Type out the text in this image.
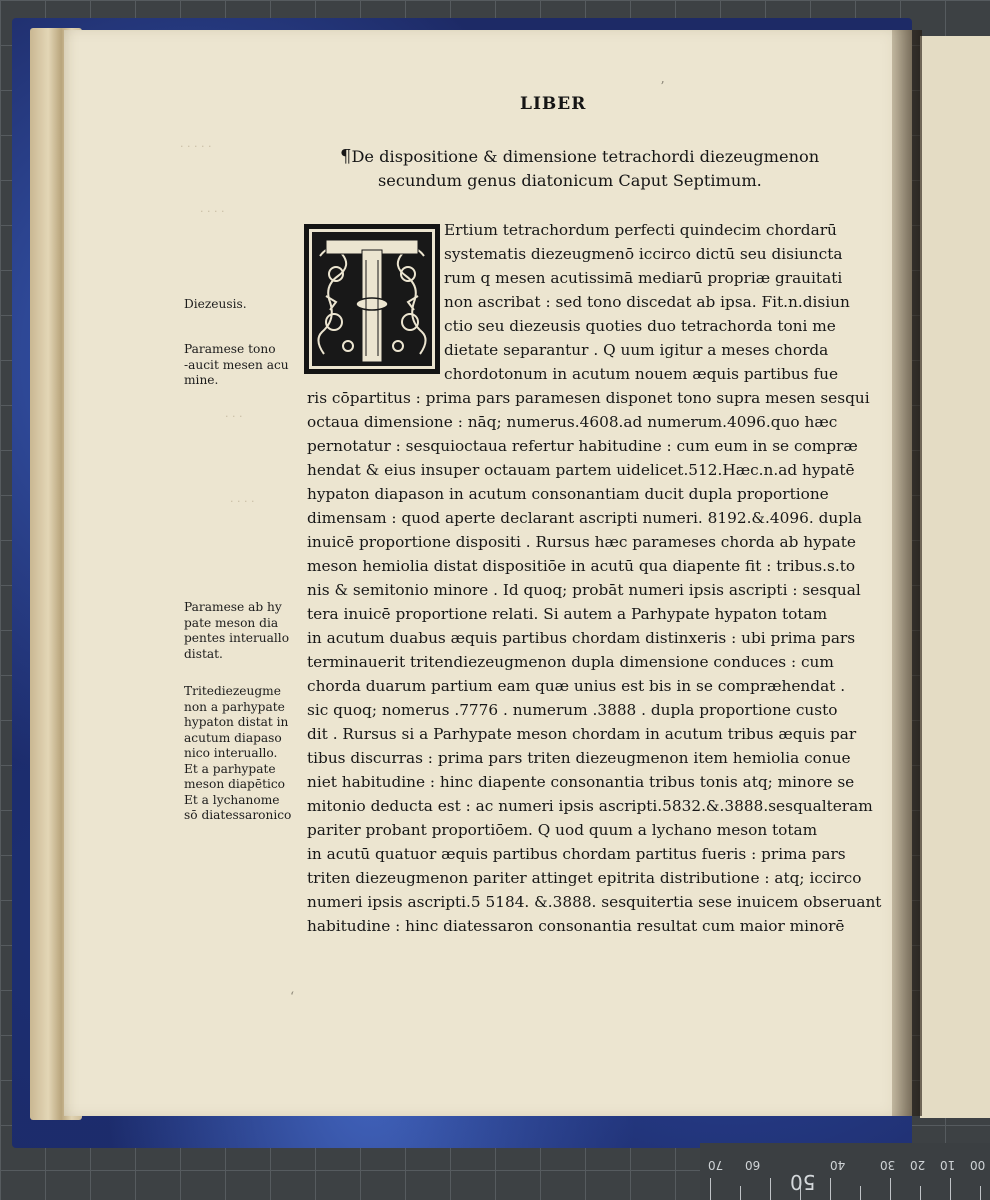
· · · · ·
· · · ·
· · ·
· · · ·
ʼ
ʻ
LIBER
¶De dispositione & dimensione tetrachordi diezeugmenon
secundum genus diatonicum Caput Septimum.
Ertium tetrachordum perfecti quindecim chordarū
systematis diezeugmenō iccirco dictū seu disiuncta
rum q mesen acutissimā mediarū propriæ grauitati
non ascribat : sed tono discedat ab ipsa. Fit.n.disiun
ctio seu diezeusis quoties duo tetrachorda toni me
dietate separantur . Q uum igitur a meses chorda
chordotonum in acutum nouem æquis partibus fue
ris cōpartitus : prima pars paramesen disponet tono supra mesen sesqui
octaua dimensione : nāq; numerus.4608.ad numerum.4096.quo hæc
pernotatur : sesquioctaua refertur habitudine : cum eum in se compræ
hendat & eius insuper octauam partem uidelicet.512.Hæc.n.ad hypatē
hypaton diapason in acutum consonantiam ducit dupla proportione
dimensam : quod aperte declarant ascripti numeri. 8192.&.4096. dupla
inuicē proportione dispositi . Rursus hæc parameses chorda ab hypate
meson hemiolia distat dispositiōe in acutū qua diapente fit : tribus.s.to
nis & semitonio minore . Id quoq; probāt numeri ipsis ascripti : sesqual
tera inuicē proportione relati. Si autem a Parhypate hypaton totam
in acutum duabus æquis partibus chordam distinxeris : ubi prima pars
terminauerit tritendiezeugmenon dupla dimensione conduces : cum
chorda duarum partium eam quæ unius est bis in se compræhendat .
sic quoq; nomerus .7776 . numerum .3888 . dupla proportione custo
dit . Rursus si a Parhypate meson chordam in acutum tribus æquis par
tibus discurras : prima pars triten diezeugmenon item hemiolia conue
niet habitudine : hinc diapente consonantia tribus tonis atq; minore se
mitonio deducta est : ac numeri ipsis ascripti.5832.&.3888.sesqualteram
pariter probant proportiōem. Q uod quum a lychano meson totam
in acutū quatuor æquis partibus chordam partitus fueris : prima pars
triten diezeugmenon pariter attinget epitrita distributione : atq; iccirco
numeri ipsis ascripti.5 5184. &.3888. sesquitertia sese inuicem obseruant
habitudine : hinc diatessaron consonantia resultat cum maior minorē
Diezeusis.
Paramese tono
-aucit mesen acu
mine.
Paramese ab hy
pate meson dia
pentes interuallo
distat.
Tritediezeugme
non a parhypate
hypaton distat in
acutum diapaso
nico interuallo.
Et a parhypate
meson diapētico
Et a lychanome
sō diatessaronico
00
10
20
30
40
60
70
50
